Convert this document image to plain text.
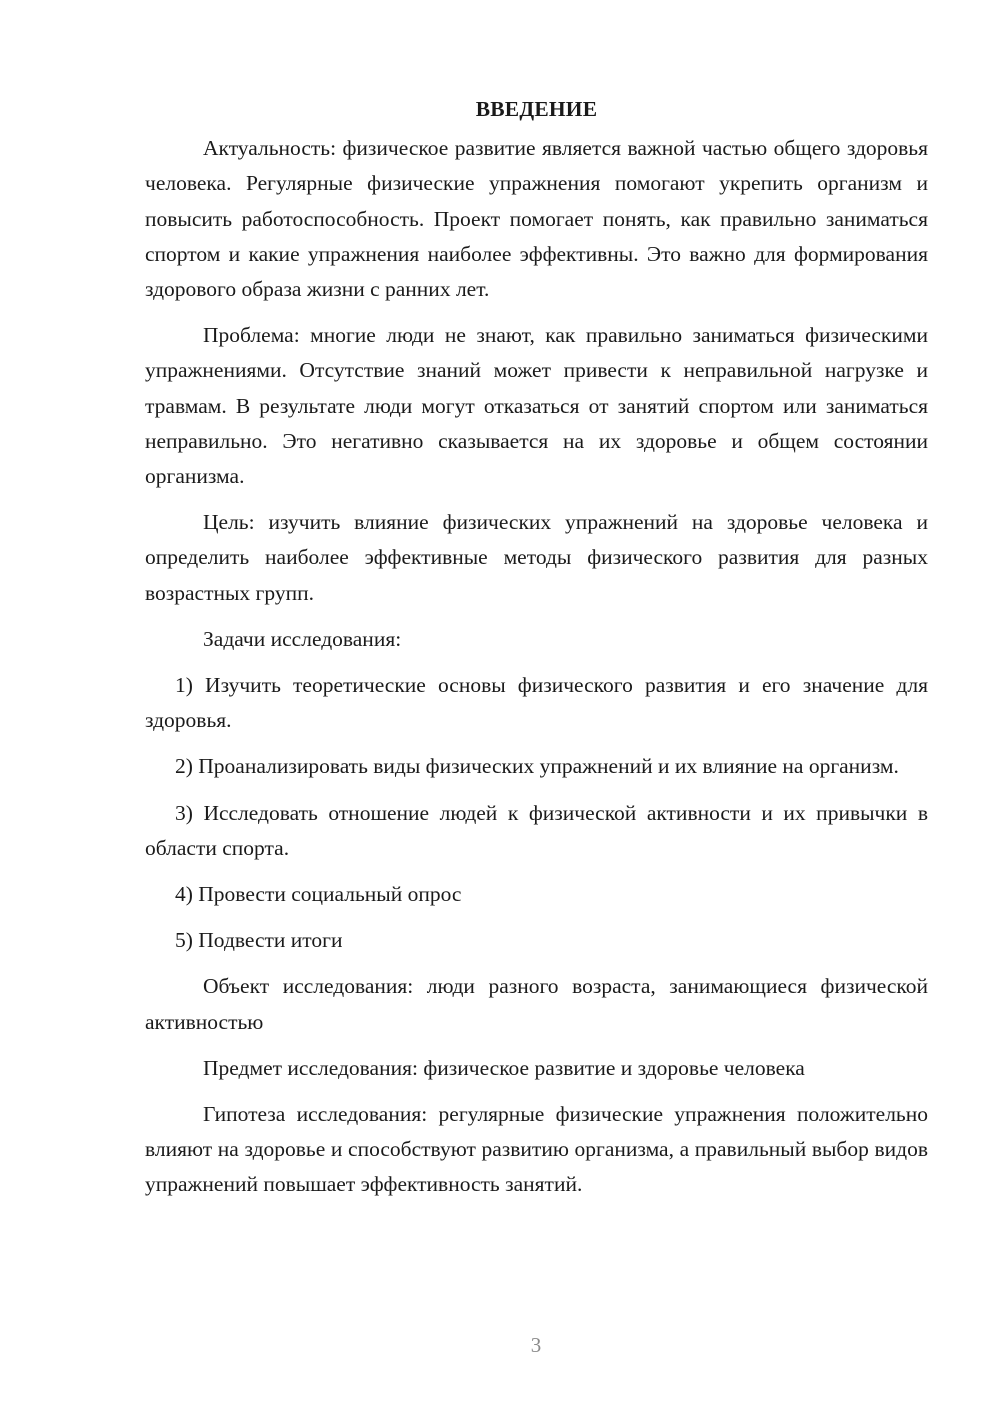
ВВЕДЕНИЕ

Актуальность: физическое развитие является важной частью общего здоровья человека. Регулярные физические упражнения помогают укрепить организм и повысить работоспособность. Проект помогает понять, как правильно заниматься спортом и какие упражнения наиболее эффективны. Это важно для формирования здорового образа жизни с ранних лет.

Проблема: многие люди не знают, как правильно заниматься физическими упражнениями. Отсутствие знаний может привести к неправильной нагрузке и травмам. В результате люди могут отказаться от занятий спортом или заниматься неправильно. Это негативно сказывается на их здоровье и общем состоянии организма.

Цель: изучить влияние физических упражнений на здоровье человека и определить наиболее эффективные методы физического развития для разных возрастных групп.

Задачи исследования:

1) Изучить теоретические основы физического развития и его значение для здоровья.

2) Проанализировать виды физических упражнений и их влияние на организм.

3) Исследовать отношение людей к физической активности и их привычки в области спорта.

4) Провести социальный опрос

5) Подвести итоги

Объект исследования: люди разного возраста, занимающиеся физической активностью

Предмет исследования: физическое развитие и здоровье человека

Гипотеза исследования: регулярные физические упражнения положительно влияют на здоровье и способствуют развитию организма, а правильный выбор видов упражнений повышает эффективность занятий.

3
